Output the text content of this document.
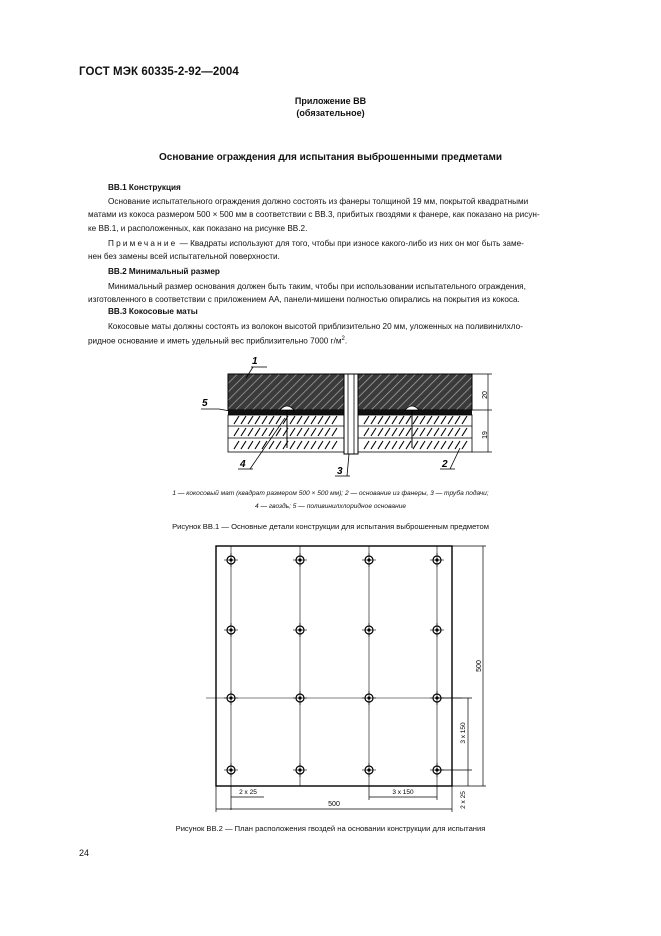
ГОСТ МЭК 60335-2-92—2004
Приложение ВВ
(обязательное)
Основание ограждения для испытания выброшенными предметами
ВВ.1 Конструкция
Основание испытательного ограждения должно состоять из фанеры толщиной 19 мм, покрытой квадратными
матами из кокоса размером 500 × 500 мм в соответствии с ВВ.3, прибитых гвоздями к фанере, как показано на рисун-
ке ВВ.1, и расположенных, как показано на рисунке ВВ.2.
Примечание — Квадраты используют для того, чтобы при износе какого-либо из них он мог быть заме-
нен без замены всей испытательной поверхности.
ВВ.2 Минимальный размер
Минимальный размер основания должен быть таким, чтобы при использовании испытательного ограждения,
изготовленного в соответствии с приложением АА, панели-мишени полностью опирались на покрытия из кокоса.
ВВ.3 Кокосовые маты
Кокосовые маты должны состоять из волокон высотой приблизительно 20 мм, уложенных на поливинилхло-
ридное основание и иметь удельный вес приблизительно 7000 $г/м^2$.
20
19
1
5
4
3
2
1 — кокосовый мат (квадрат размером 500 × 500 мм); 2 — основание из фанеры, 3 — труба подачи;
4 — гвоздь; 5 — поливинилхлоридное основание
Рисунок ВВ.1 — Основные детали конструкции для испытания выброшенным предметом
2 x 25	3 x 150
500
500
3 x 150
2 x 25
Рисунок ВВ.2 — План расположения гвоздей на основании конструкции для испытания
24
